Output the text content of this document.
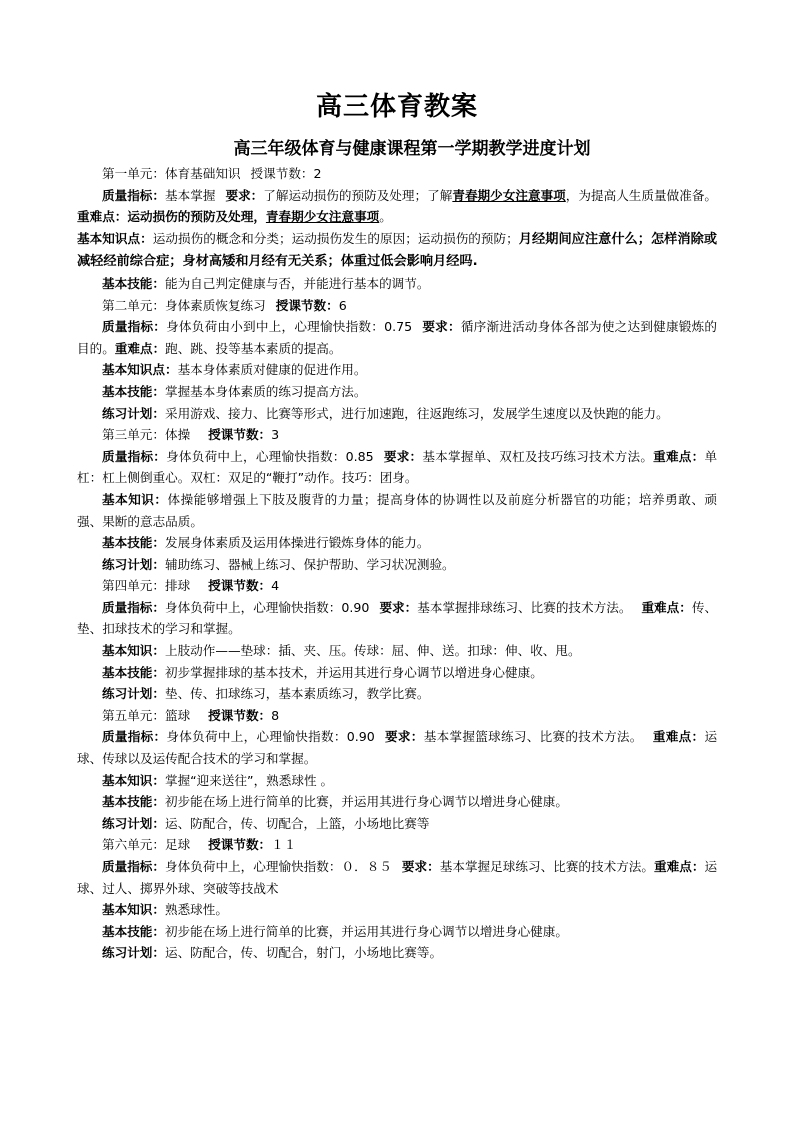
高三体育教案
高三年级体育与健康课程第一学期教学进度计划

第一单元：体育基础知识 授课节数：2

质量指标：基本掌握 要求：了解运动损伤的预防及处理；了解青春期少女注意事项，为提高人生质量做准备。重难点：运动损伤的预防及处理，青春期少女注意事项。

基本知识点：运动损伤的概念和分类；运动损伤发生的原因；运动损伤的预防；月经期间应注意什么；怎样消除或减轻经前综合症；身材高矮和月经有无关系；体重过低会影响月经吗.

基本技能：能为自己判定健康与否，并能进行基本的调节。

第二单元：身体素质恢复练习 授课节数：6

质量指标：身体负荷由小到中上，心理愉快指数：0.75 要求：循序渐进活动身体各部为使之达到健康锻炼的目的。重难点：跑、跳、投等基本素质的提高。

基本知识点：基本身体素质对健康的促进作用。

基本技能：掌握基本身体素质的练习提高方法。

练习计划：采用游戏、接力、比赛等形式，进行加速跑，往返跑练习，发展学生速度以及快跑的能力。

第三单元：体操 授课节数：3

质量指标：身体负荷中上，心理愉快指数：0.85 要求：基本掌握单、双杠及技巧练习技术方法。重难点：单杠：杠上侧倒重心。双杠：双足的“鞭打”动作。技巧：团身。

基本知识：体操能够增强上下肢及腹背的力量；提高身体的协调性以及前庭分析器官的功能；培养勇敢、顽强、果断的意志品质。

基本技能：发展身体素质及运用体操进行锻炼身体的能力。

练习计划：辅助练习、器械上练习、保护帮助、学习状况测验。

第四单元：排球 授课节数：4

质量指标：身体负荷中上，心理愉快指数：0.90 要求：基本掌握排球练习、比赛的技术方法。 重难点：传、垫、扣球技术的学习和掌握。

基本知识：上肢动作——垫球：插、夹、压。传球：屈、伸、送。扣球：伸、收、甩。

基本技能：初步掌握排球的基本技术，并运用其进行身心调节以增进身心健康。

练习计划：垫、传、扣球练习，基本素质练习，教学比赛。

第五单元：篮球 授课节数：8

质量指标：身体负荷中上，心理愉快指数：0.90 要求：基本掌握篮球练习、比赛的技术方法。 重难点：运球、传球以及运传配合技术的学习和掌握。

基本知识：掌握“迎来送往”，熟悉球性 。

基本技能：初步能在场上进行简单的比赛，并运用其进行身心调节以增进身心健康。

练习计划：运、防配合，传、切配合，上篮，小场地比赛等

第六单元：足球 授课节数：１１

质量指标：身体负荷中上，心理愉快指数：０．８５ 要求：基本掌握足球练习、比赛的技术方法。重难点：运球、过人、掷界外球、突破等技战术

基本知识：熟悉球性。

基本技能：初步能在场上进行简单的比赛，并运用其进行身心调节以增进身心健康。

练习计划：运、防配合，传、切配合，射门，小场地比赛等。
